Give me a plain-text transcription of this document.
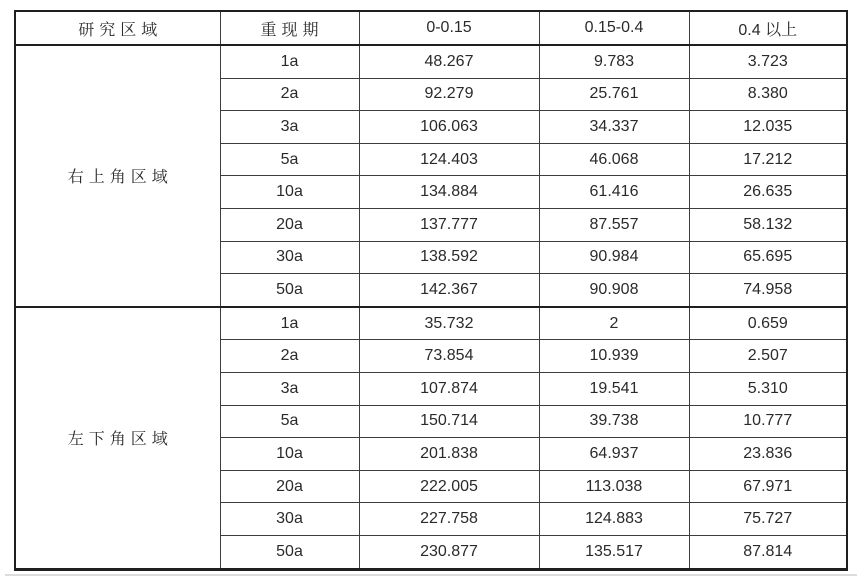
研究区域	重现期	0-0.15	0.15-0.4	0.4 以上
右上角区域	1a	48.267	9.783	3.723
	2a	92.279	25.761	8.380
	3a	106.063	34.337	12.035
	5a	124.403	46.068	17.212
	10a	134.884	61.416	26.635
	20a	137.777	87.557	58.132
	30a	138.592	90.984	65.695
	50a	142.367	90.908	74.958
左下角区域	1a	35.732	2	0.659
	2a	73.854	10.939	2.507
	3a	107.874	19.541	5.310
	5a	150.714	39.738	10.777
	10a	201.838	64.937	23.836
	20a	222.005	113.038	67.971
	30a	227.758	124.883	75.727
	50a	230.877	135.517	87.814
